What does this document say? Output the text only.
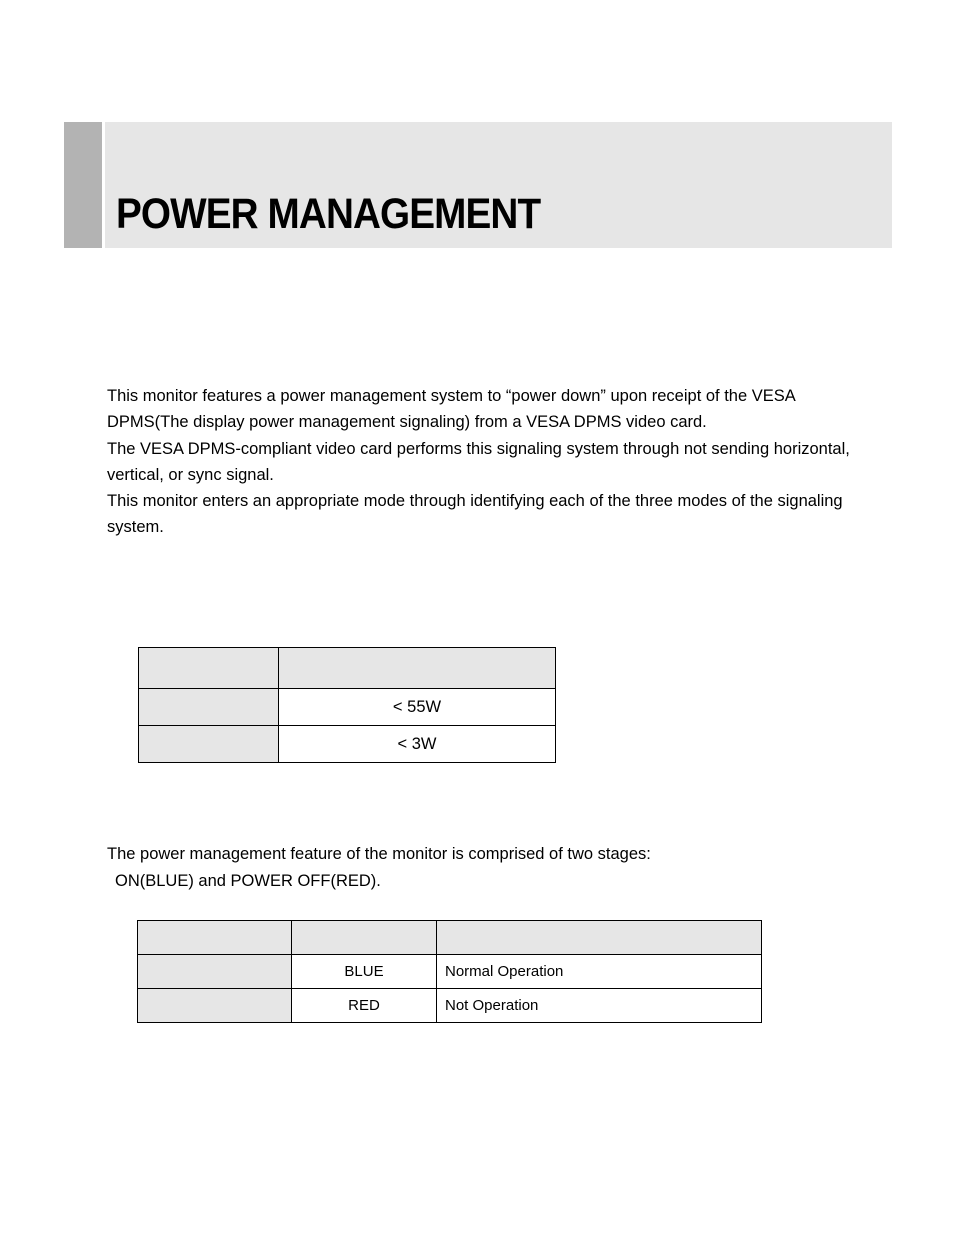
POWER MANAGEMENT

This monitor features a power management system to “power down” upon receipt of the VESA DPMS(The display power management signaling) from a VESA DPMS video card.

The VESA DPMS-compliant video card performs this signaling system through not sending horizontal, vertical, or sync signal.

This monitor enters an appropriate mode through identifying each of the three modes of the signaling system.

	< 55W
	< 3W

The power management feature of the monitor is comprised of two stages:

ON(BLUE) and POWER OFF(RED).

	BLUE	Normal Operation
	RED	Not Operation
